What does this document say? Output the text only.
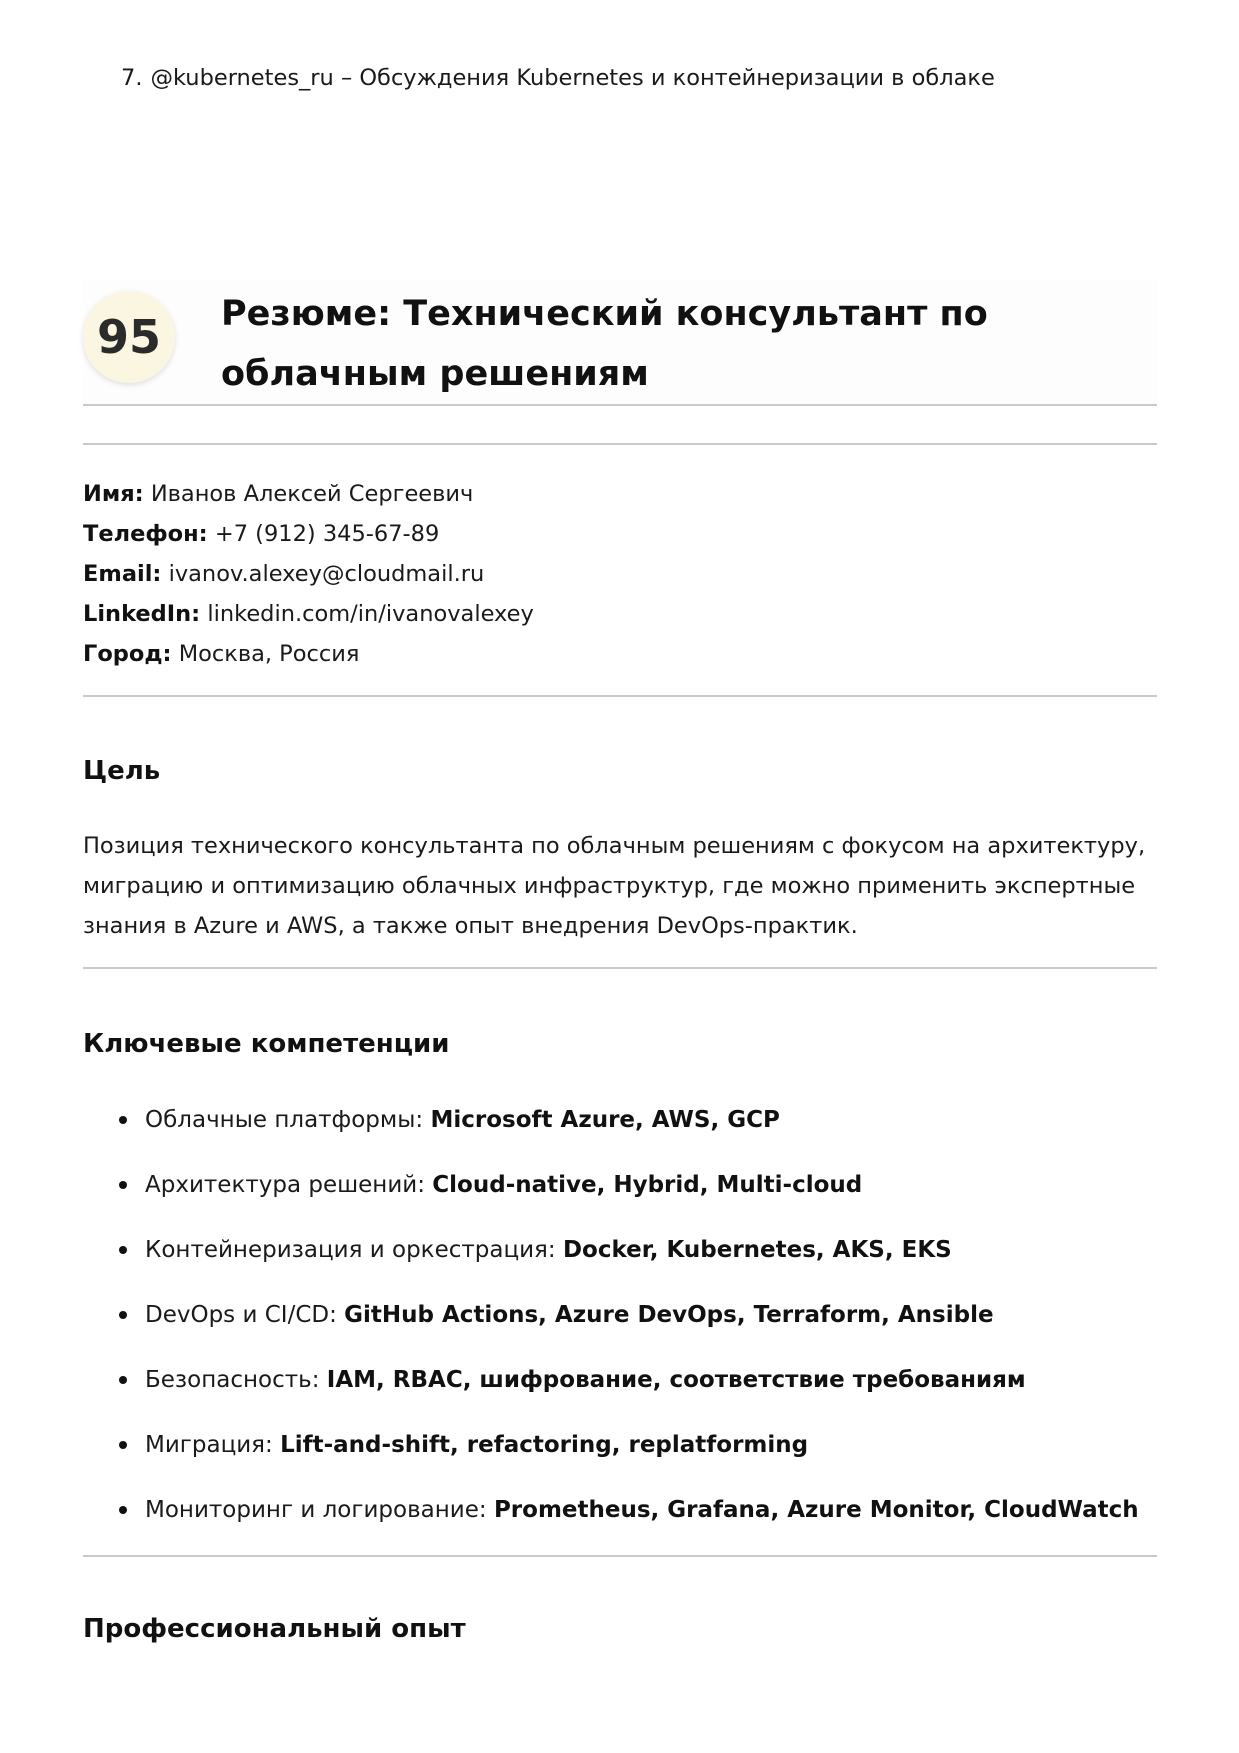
7. @kubernetes_ru – Обсуждения Kubernetes и контейнеризации в облаке
95	Резюме: Технический консультант по облачным решениям
Имя: Иванов Алексей Сергеевич
Телефон: +7 (912) 345-67-89
Email: ivanov.alexey@cloudmail.ru
LinkedIn: linkedin.com/in/ivanovalexey
Город: Москва, Россия
Цель

Позиция технического консультанта по облачным решениям с фокусом на архитектуру, миграцию и оптимизацию облачных инфраструктур, где можно применить экспертные знания в Azure и AWS, а также опыт внедрения DevOps-практик.

Ключевые компетенции
Облачные платформы: Microsoft Azure, AWS, GCP
Архитектура решений: Cloud-native, Hybrid, Multi-cloud
Контейнеризация и оркестрация: Docker, Kubernetes, AKS, EKS
DevOps и CI/CD: GitHub Actions, Azure DevOps, Terraform, Ansible
Безопасность: IAM, RBAC, шифрование, соответствие требованиям
Миграция: Lift-and-shift, refactoring, replatforming
Мониторинг и логирование: Prometheus, Grafana, Azure Monitor, CloudWatch
Профессиональный опыт
